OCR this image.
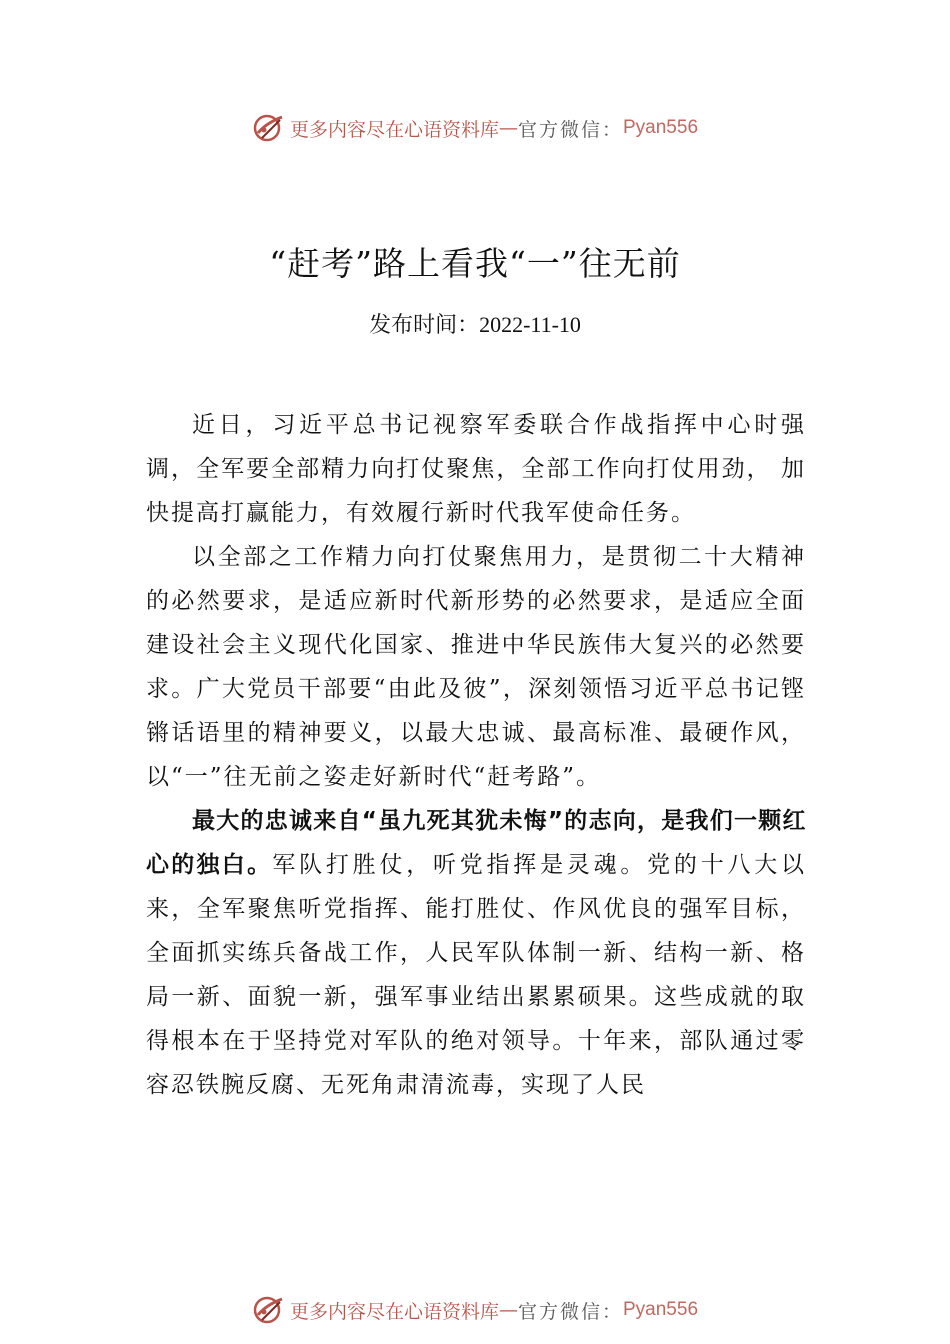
更多内容尽在心语资料库 — 官方微信： Pyan556
“赶考”路上看我“一”往无前
发布时间：2022-11-10

近日，习近平总书记视察军委联合作战指挥中心时强调，全军要全部精力向打仗聚焦，全部工作向打仗用劲， 加快提高打赢能力，有效履行新时代我军使命任务。

以全部之工作精力向打仗聚焦用力，是贯彻二十大精神的必然要求，是适应新时代新形势的必然要求，是适应全面建设社会主义现代化国家、推进中华民族伟大复兴的必然要求。广大党员干部要“由此及彼”，深刻领悟习近平总书记铿锵话语里的精神要义，以最大忠诚、最高标准、最硬作风，以“一”往无前之姿走好新时代“赶考路”。

最大的忠诚来自“虽九死其犹未悔”的志向，是我们一颗红心的独白。军队打胜仗，听党指挥是灵魂。党的十八大以来，全军聚焦听党指挥、能打胜仗、作风优良的强军目标，全面抓实练兵备战工作，人民军队体制一新、结构一新、格局一新、面貌一新，强军事业结出累累硕果。这些成就的取得根本在于坚持党对军队的绝对领导。十年来，部队通过零容忍铁腕反腐、无死角肃清流毒，实现了人民

更多内容尽在心语资料库 — 官方微信： Pyan556
